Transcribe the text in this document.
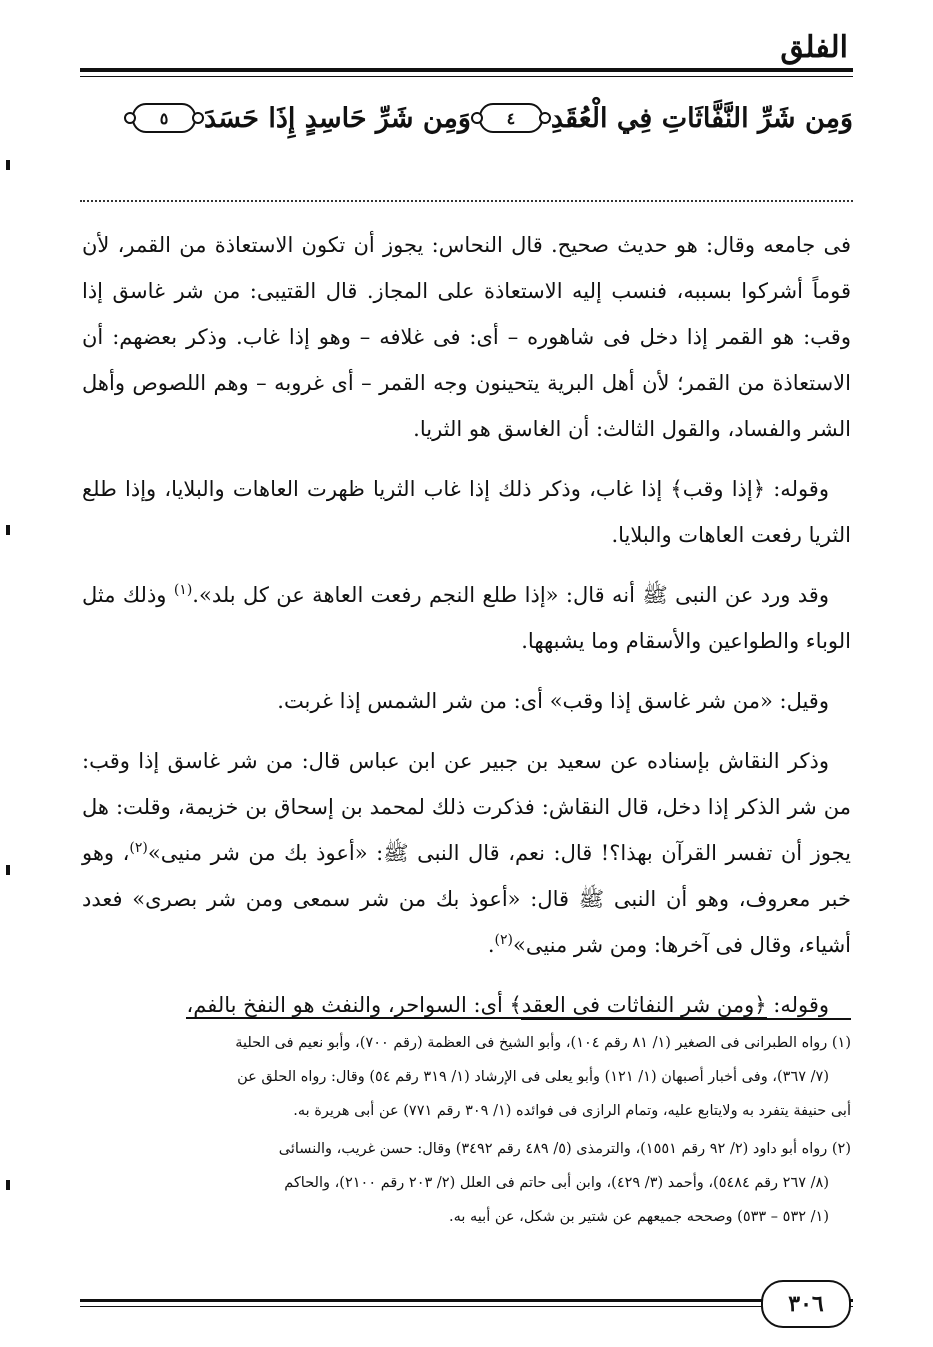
الفلق
وَمِن شَرِّ النَّفَّاثَاتِ فِي الْعُقَدِ
٤
وَمِن شَرِّ حَاسِدٍ إِذَا حَسَدَ
٥

فى جامعه وقال: هو حديث صحيح. قال النحاس: يجوز أن تكون الاستعاذة من القمر، لأن قوماً أشركوا بسببه، فنسب إليه الاستعاذة على المجاز. قال القتيبى: من شر غاسق إذا وقب: هو القمر إذا دخل فى شاهوره – أى: فى غلافه – وهو إذا غاب. وذكر بعضهم: أن الاستعاذة من القمر؛ لأن أهل البرية يتحينون وجه القمر – أى غروبه – وهم اللصوص وأهل الشر والفساد، والقول الثالث: أن الغاسق هو الثريا.

وقوله: ﴿إذا وقب﴾ إذا غاب، وذكر ذلك إذا غاب الثريا ظهرت العاهات والبلايا، وإذا طلع الثريا رفعت العاهات والبلايا.

وقد ورد عن النبى ﷺ أنه قال: «إذا طلع النجم رفعت العاهة عن كل بلد».$^{(١)}$ وذلك مثل الوباء والطواعين والأسقام وما يشبهها.

وقيل: «من شر غاسق إذا وقب» أى: من شر الشمس إذا غربت.

وذكر النقاش بإسناده عن سعيد بن جبير عن ابن عباس قال: من شر غاسق إذا وقب: من شر الذكر إذا دخل، قال النقاش: فذكرت ذلك لمحمد بن إسحاق بن خزيمة، وقلت: هل يجوز أن تفسر القرآن بهذا؟! قال: نعم، قال النبى ﷺ: «أعوذ بك من شر منيى»$^{(٢)}$، وهو خبر معروف، وهو أن النبى ﷺ قال: «أعوذ بك من شر سمعى ومن شر بصرى» فعدد أشياء، وقال فى آخرها: ومن شر منيى»$^{(٢)}$.

وقوله: ﴿ومن شر النفاثات فى العقد﴾ أى: السواحر، والنفث هو النفخ بالفم،

(١) رواه الطبرانى فى الصغير (١/ ٨١ رقم ١٠٤)، وأبو الشيخ فى العظمة (رقم ٧٠٠)، وأبو نعيم فى الحلية
(٧/ ٣٦٧)، وفى أخبار أصبهان (١/ ١٢١) وأبو يعلى فى الإرشاد (١/ ٣١٩ رقم ٥٤) وقال: رواه الحلق عن
أبى حنيفة يتفرد به ولايتابع عليه، وتمام الرازى فى فوائده (١/ ٣٠٩ رقم ٧٧١) عن أبى هريرة به.

(٢) رواه أبو داود (٢/ ٩٢ رقم ١٥٥١)، والترمذى (٥/ ٤٨٩ رقم ٣٤٩٢) وقال: حسن غريب، والنسائى
(٨/ ٢٦٧ رقم ٥٤٨٤)، وأحمد (٣/ ٤٢٩)، وابن أبى حاتم فى العلل (٢/ ٢٠٣ رقم ٢١٠٠)، والحاكم
(١/ ٥٣٢ – ٥٣٣) وصححه جميعهم عن شتير بن شكل، عن أبيه به.

٣٠٦
